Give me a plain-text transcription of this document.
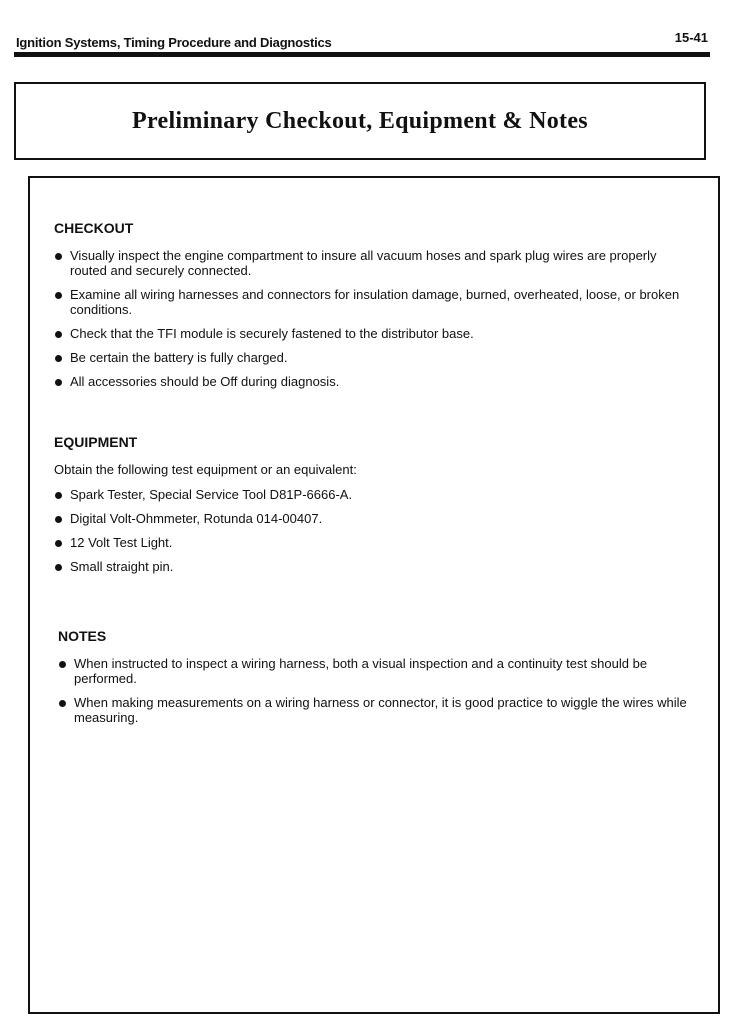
Ignition Systems, Timing Procedure and Diagnostics	15-41
Preliminary Checkout, Equipment & Notes
CHECKOUT
Visually inspect the engine compartment to insure all vacuum hoses and spark plug wires are properly routed and securely connected.
Examine all wiring harnesses and connectors for insulation damage, burned, overheated, loose, or broken conditions.
Check that the TFI module is securely fastened to the distributor base.
Be certain the battery is fully charged.
All accessories should be Off during diagnosis.
EQUIPMENT
Obtain the following test equipment or an equivalent:
Spark Tester, Special Service Tool D81P-6666-A.
Digital Volt-Ohmmeter, Rotunda 014-00407.
12 Volt Test Light.
Small straight pin.
NOTES
When instructed to inspect a wiring harness, both a visual inspection and a continuity test should be performed.
When making measurements on a wiring harness or connector, it is good practice to wiggle the wires while measuring.
